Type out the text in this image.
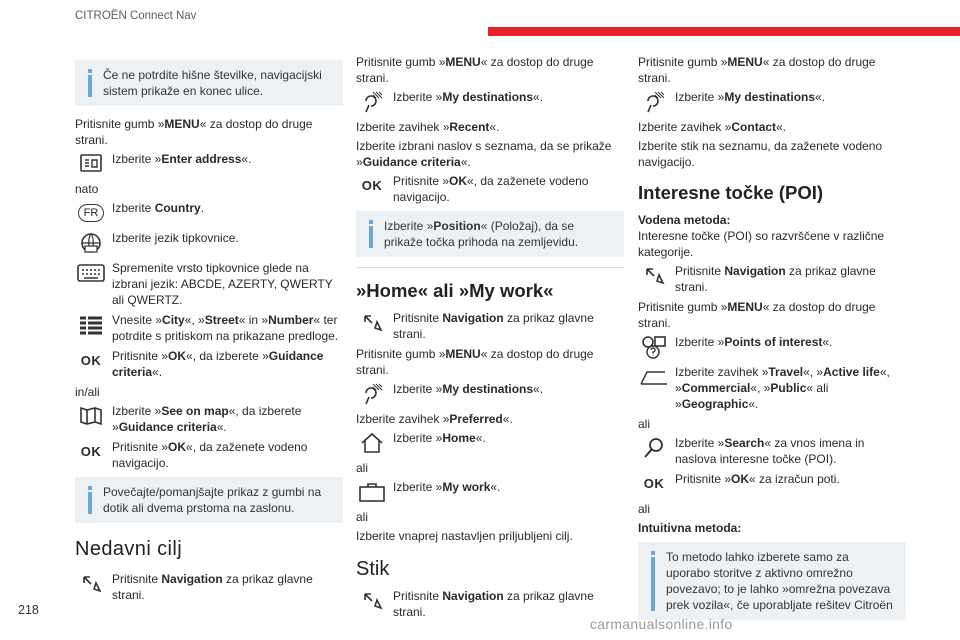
CITROËN Connect Nav
Če ne potrdite hišne številke, navigacijski sistem prikaže en konec ulice.

Pritisnite gumb »MENU« za dostop do druge strani.

Izberite »Enter address«.

nato

FR	Izberite Country.
Izberite jezik tipkovnice.
Spremenite vrsto tipkovnice glede na izbrani jezik: ABCDE, AZERTY, QWERTY ali QWERTZ.
Vnesite »City«, »Street« in »Number« ter potrdite s pritiskom na prikazane predloge.
OK Pritisnite »OK«, da izberete »Guidance criteria«.

in/ali

Izberite »See on map«, da izberete »Guidance criteria«.
OK Pritisnite »OK«, da zaženete vodeno navigacijo.
Povečajte/pomanjšajte prikaz z gumbi na dotik ali dvema prstoma na zaslonu.
Nedavni cilj
Pritisnite Navigation za prikaz glavne strani.

Pritisnite gumb »MENU« za dostop do druge strani.

Izberite »My destinations«.

Izberite zavihek »Recent«.

Izberite izbrani naslov s seznama, da se prikaže »Guidance criteria«.

OK Pritisnite »OK«, da zaženete vodeno navigacijo.
Izberite »Position« (Položaj), da se prikaže točka prihoda na zemljevidu.
»Home« ali »My work«
Pritisnite Navigation za prikaz glavne strani.

Pritisnite gumb »MENU« za dostop do druge strani.

Izberite »My destinations«.

Izberite zavihek »Preferred«.

Izberite »Home«.

ali

Izberite »My work«.

ali

Izberite vnaprej nastavljen priljubljeni cilj.

Stik
Pritisnite Navigation za prikaz glavne strani.

Pritisnite gumb »MENU« za dostop do druge strani.

Izberite »My destinations«.

Izberite zavihek »Contact«.

Izberite stik na seznamu, da zaženete vodeno navigacijo.

Interesne točke (POI)

Vodena metoda:

Interesne točke (POI) so razvrščene v različne kategorije.

Pritisnite Navigation za prikaz glavne strani.

Pritisnite gumb »MENU« za dostop do druge strani.

Izberite »Points of interest«.
Izberite zavihek »Travel«, »Active life«, »Commercial«, »Public« ali »Geographic«.

ali

Izberite »Search« za vnos imena in naslova interesne točke (POI).
OK Pritisnite »OK« za izračun poti.

ali

Intuitivna metoda:

To metodo lahko izberete samo za uporabo storitve z aktivno omrežno povezavo; to je lahko »omrežna povezava prek vozila«, če uporabljate rešitev Citroën
218
carmanualsonline.info
